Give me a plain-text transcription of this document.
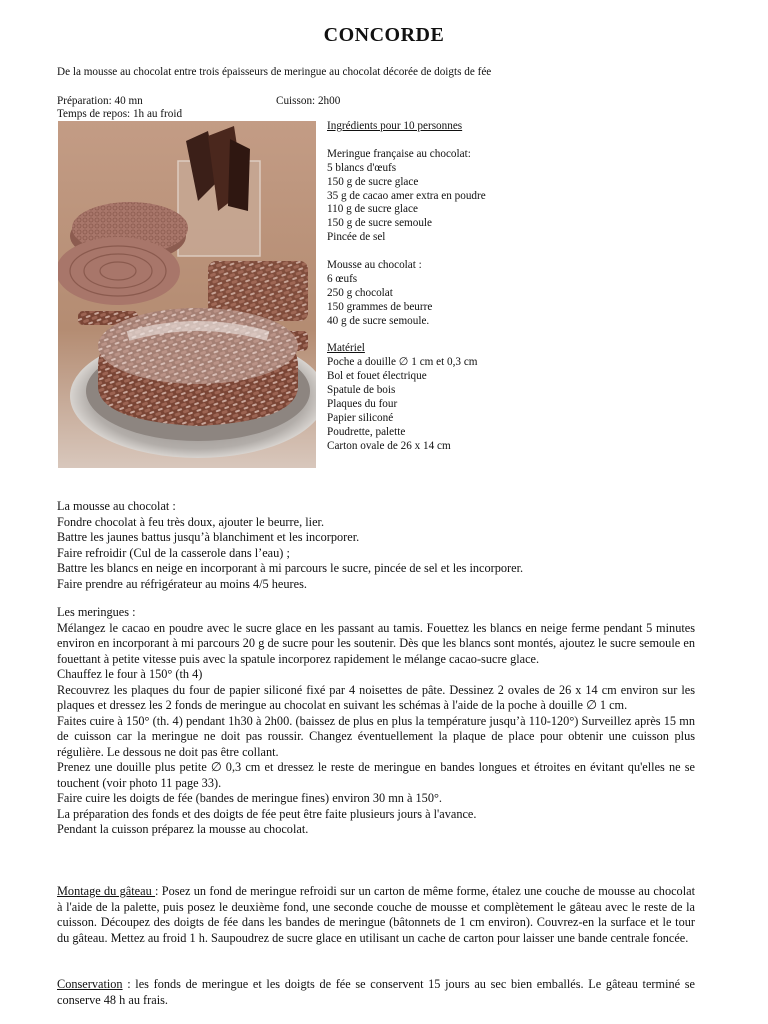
CONCORDE
De la mousse au chocolat entre trois épaisseurs de meringue au chocolat décorée de doigts de fée
Préparation: 40 mn	Cuisson: 2h00
Temps de repos: 1h au froid
Ingrédients pour 10 personnes
Meringue française au chocolat:
5 blancs d'œufs
150 g de sucre glace
35 g de cacao amer extra en poudre
110 g de sucre glace
150 g de sucre semoule
Pincée de sel
Mousse au chocolat :
6 œufs
250 g chocolat
150 grammes de beurre
40 g de sucre semoule.
Matériel
Poche a douille ∅ 1 cm et 0,3 cm
Bol et fouet électrique
Spatule de bois
Plaques du four
Papier siliconé
Poudrette, palette
Carton ovale de 26 x 14 cm

La mousse au chocolat :

Fondre chocolat à feu très doux, ajouter le beurre, lier.

Battre les jaunes battus jusqu’à blanchiment et les incorporer.

Faire refroidir (Cul de la casserole dans l’eau) ;

Battre les blancs en neige en incorporant à mi parcours le sucre, pincée de sel et les incorporer.

Faire prendre au réfrigérateur au moins 4/5 heures.

Les meringues :

Mélangez le cacao en poudre avec le sucre glace en les passant au tamis. Fouettez les blancs en neige ferme pendant 5 minutes environ en incorporant à mi parcours 20 g de sucre pour les soutenir. Dès que les blancs sont montés, ajoutez le sucre semoule en fouettant à petite vitesse puis avec la spatule incorporez rapidement le mélange cacao-sucre glace.

Chauffez le four à 150° (th 4)

Recouvrez les plaques du four de papier siliconé fixé par 4 noisettes de pâte. Dessinez 2 ovales de 26 x 14 cm environ sur les plaques et dressez les 2 fonds de meringue au chocolat en suivant les schémas à l'aide de la poche à douille ∅ 1 cm.

Faites cuire à 150° (th. 4) pendant 1h30 à 2h00. (baissez de plus en plus la température jusqu’à 110-120°) Surveillez après 15 mn de cuisson car la meringue ne doit pas roussir. Changez éventuellement la plaque de place pour obtenir une cuisson plus régulière. Le dessous ne doit pas être collant.

Prenez une douille plus petite ∅ 0,3 cm et dressez le reste de meringue en bandes longues et étroites en évitant qu'elles ne se touchent (voir photo 11 page 33).

Faire cuire les doigts de fée (bandes de meringue fines) environ 30 mn à 150°.

La préparation des fonds et des doigts de fée peut être faite plusieurs jours à l'avance.

Pendant la cuisson préparez la mousse au chocolat.

Montage du gâteau : Posez un fond de meringue refroidi sur un carton de même forme, étalez une couche de mousse au chocolat à l'aide de la palette, puis posez le deuxième fond, une seconde couche de mousse et complètement le gâteau avec le reste de la cuisson. Découpez des doigts de fée dans les bandes de meringue (bâtonnets de 1 cm environ). Couvrez-en la surface et le tour du gâteau. Mettez au froid 1 h. Saupoudrez de sucre glace en utilisant un cache de carton pour laisser une bande centrale foncée.

Conservation : les fonds de meringue et les doigts de fée se conservent 15 jours au sec bien emballés. Le gâteau terminé se conserve 48 h au frais.
